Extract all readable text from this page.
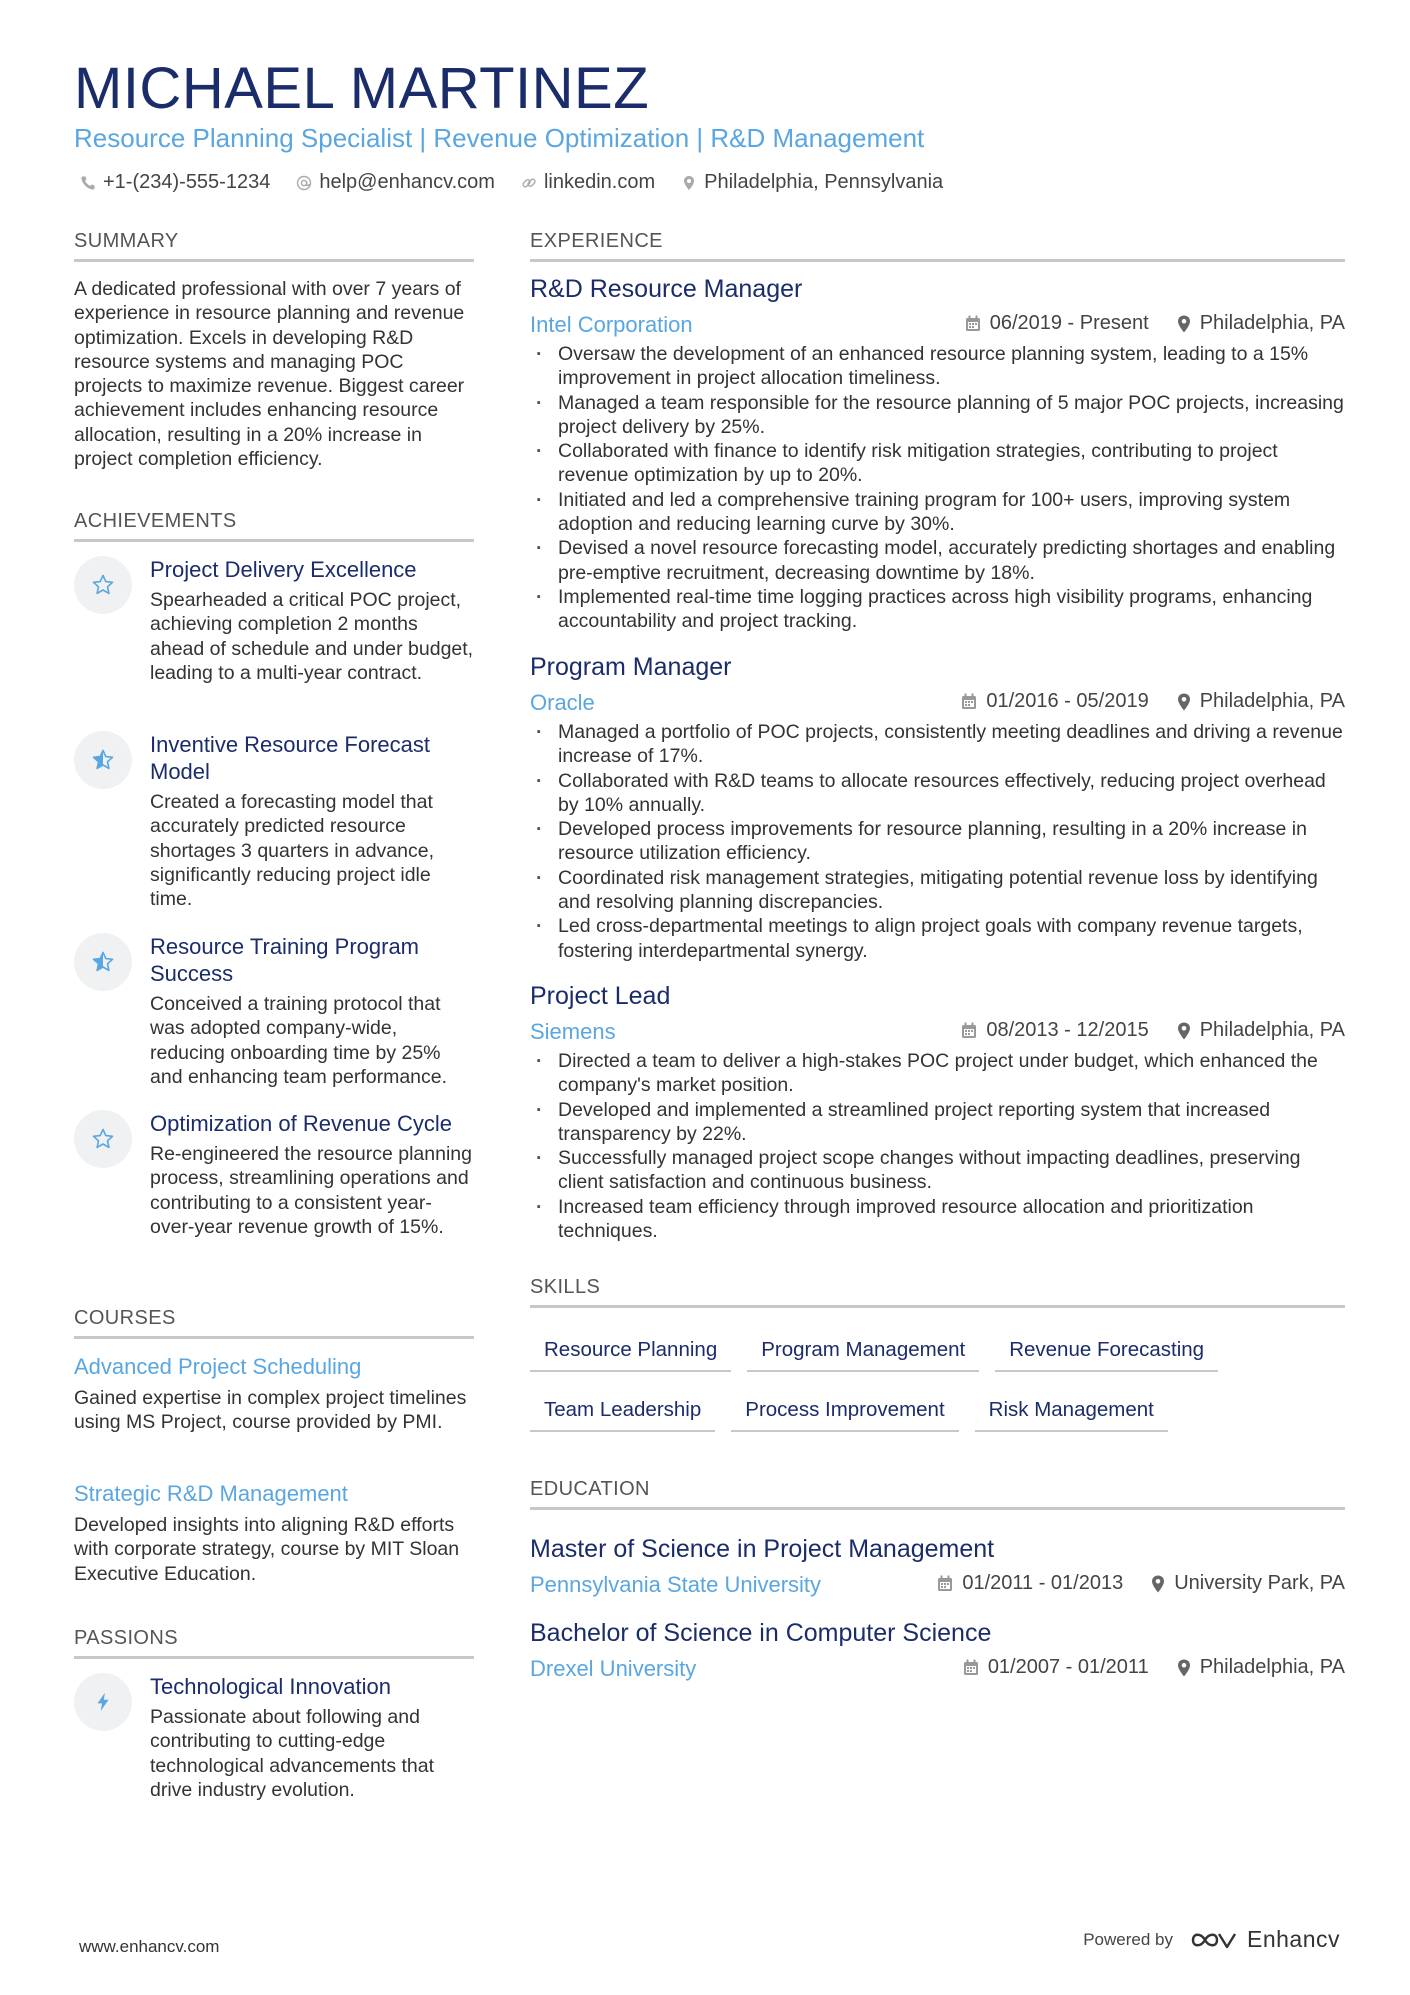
MICHAEL MARTINEZ
Resource Planning Specialist | Revenue Optimization | R&D Management
+1-(234)-555-1234 help@enhancv.com linkedin.com Philadelphia, Pennsylvania
SUMMARY
A dedicated professional with over 7 years of experience in resource planning and revenue optimization. Excels in developing R&D resource systems and managing POC projects to maximize revenue. Biggest career achievement includes enhancing resource allocation, resulting in a 20% increase in project completion efficiency.
ACHIEVEMENTS
Project Delivery Excellence
Spearheaded a critical POC project, achieving completion 2 months ahead of schedule and under budget, leading to a multi-year contract.
Inventive Resource Forecast Model
Created a forecasting model that accurately predicted resource shortages 3 quarters in advance, significantly reducing project idle time.
Resource Training Program Success
Conceived a training protocol that was adopted company-wide, reducing onboarding time by 25% and enhancing team performance.
Optimization of Revenue Cycle
Re-engineered the resource planning process, streamlining operations and contributing to a consistent year-over-year revenue growth of 15%.
COURSES
Advanced Project Scheduling
Gained expertise in complex project timelines using MS Project, course provided by PMI.
Strategic R&D Management
Developed insights into aligning R&D efforts with corporate strategy, course by MIT Sloan Executive Education.
PASSIONS
Technological Innovation
Passionate about following and contributing to cutting-edge technological advancements that drive industry evolution.
EXPERIENCE
R&D Resource Manager
Intel Corporation	06/2019 - Present	Philadelphia, PA
· Oversaw the development of an enhanced resource planning system, leading to a 15% improvement in project allocation timeliness.
· Managed a team responsible for the resource planning of 5 major POC projects, increasing project delivery by 25%.
· Collaborated with finance to identify risk mitigation strategies, contributing to project revenue optimization by up to 20%.
· Initiated and led a comprehensive training program for 100+ users, improving system adoption and reducing learning curve by 30%.
· Devised a novel resource forecasting model, accurately predicting shortages and enabling pre-emptive recruitment, decreasing downtime by 18%.
· Implemented real-time time logging practices across high visibility programs, enhancing accountability and project tracking.
Program Manager
Oracle	01/2016 - 05/2019	Philadelphia, PA
· Managed a portfolio of POC projects, consistently meeting deadlines and driving a revenue increase of 17%.
· Collaborated with R&D teams to allocate resources effectively, reducing project overhead by 10% annually.
· Developed process improvements for resource planning, resulting in a 20% increase in resource utilization efficiency.
· Coordinated risk management strategies, mitigating potential revenue loss by identifying and resolving planning discrepancies.
· Led cross-departmental meetings to align project goals with company revenue targets, fostering interdepartmental synergy.
Project Lead
Siemens	08/2013 - 12/2015	Philadelphia, PA
· Directed a team to deliver a high-stakes POC project under budget, which enhanced the company's market position.
· Developed and implemented a streamlined project reporting system that increased transparency by 22%.
· Successfully managed project scope changes without impacting deadlines, preserving client satisfaction and continuous business.
· Increased team efficiency through improved resource allocation and prioritization techniques.
SKILLS
Resource Planning	Program Management	Revenue Forecasting
Team Leadership	Process Improvement	Risk Management
EDUCATION
Master of Science in Project Management
Pennsylvania State University	01/2011 - 01/2013	University Park, PA
Bachelor of Science in Computer Science
Drexel University	01/2007 - 01/2011	Philadelphia, PA
www.enhancv.com	Powered by	Enhancv
